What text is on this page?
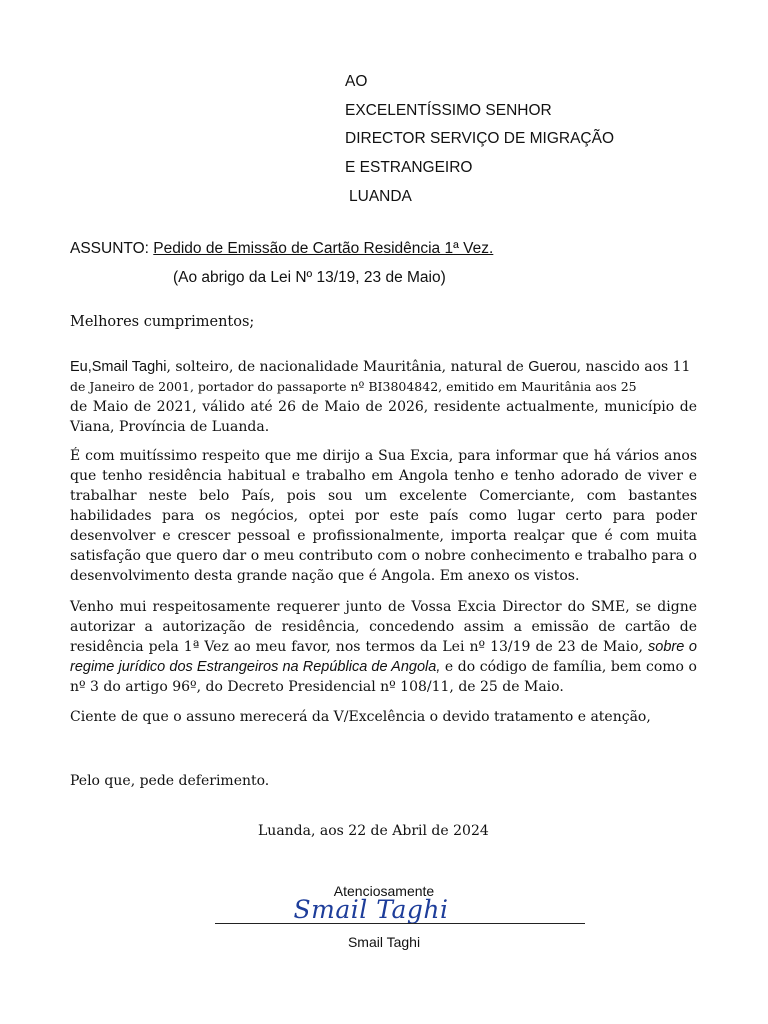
AO
EXCELENTÍSSIMO SENHOR
DIRECTOR SERVIÇO DE MIGRAÇÃO
E ESTRANGEIRO
LUANDA
ASSUNTO: Pedido de Emissão de Cartão Residência 1ª Vez.
(Ao abrigo da Lei Nº 13/19, 23 de Maio)
Melhores cumprimentos;
Eu,Smail Taghi, solteiro, de nacionalidade Mauritânia, natural de Guerou, nascido aos 11
de Janeiro de 2001, portador do passaporte nº BI3804842, emitido em Mauritânia aos 25
de Maio de 2021, válido até 26 de Maio de 2026, residente actualmente, município de Viana, Província de Luanda.
É com muitíssimo respeito que me dirijo a Sua Excia, para informar que há vários anos que tenho residência habitual e trabalho em Angola tenho e tenho adorado de viver e trabalhar neste belo País, pois sou um excelente Comerciante, com bastantes habilidades para os negócios, optei por este país como lugar certo para poder desenvolver e crescer pessoal e profissionalmente, importa realçar que é com muita satisfação que quero dar o meu contributo com o nobre conhecimento e trabalho para o desenvolvimento desta grande nação que é Angola. Em anexo os vistos.
Venho mui respeitosamente requerer junto de Vossa Excia Director do SME, se digne autorizar a autorização de residência, concedendo assim a emissão de cartão de residência pela 1ª Vez ao meu favor, nos termos da Lei nº 13/19 de 23 de Maio, sobre o regime jurídico dos Estrangeiros na República de Angola, e do código de família, bem como o nº 3 do artigo 96º, do Decreto Presidencial nº 108/11, de 25 de Maio.
Ciente de que o assuno merecerá da V/Excelência o devido tratamento e atenção,
Pelo que, pede deferimento.
Luanda, aos 22 de Abril de 2024
Atenciosamente
Smail Taghi
Smail Taghi
